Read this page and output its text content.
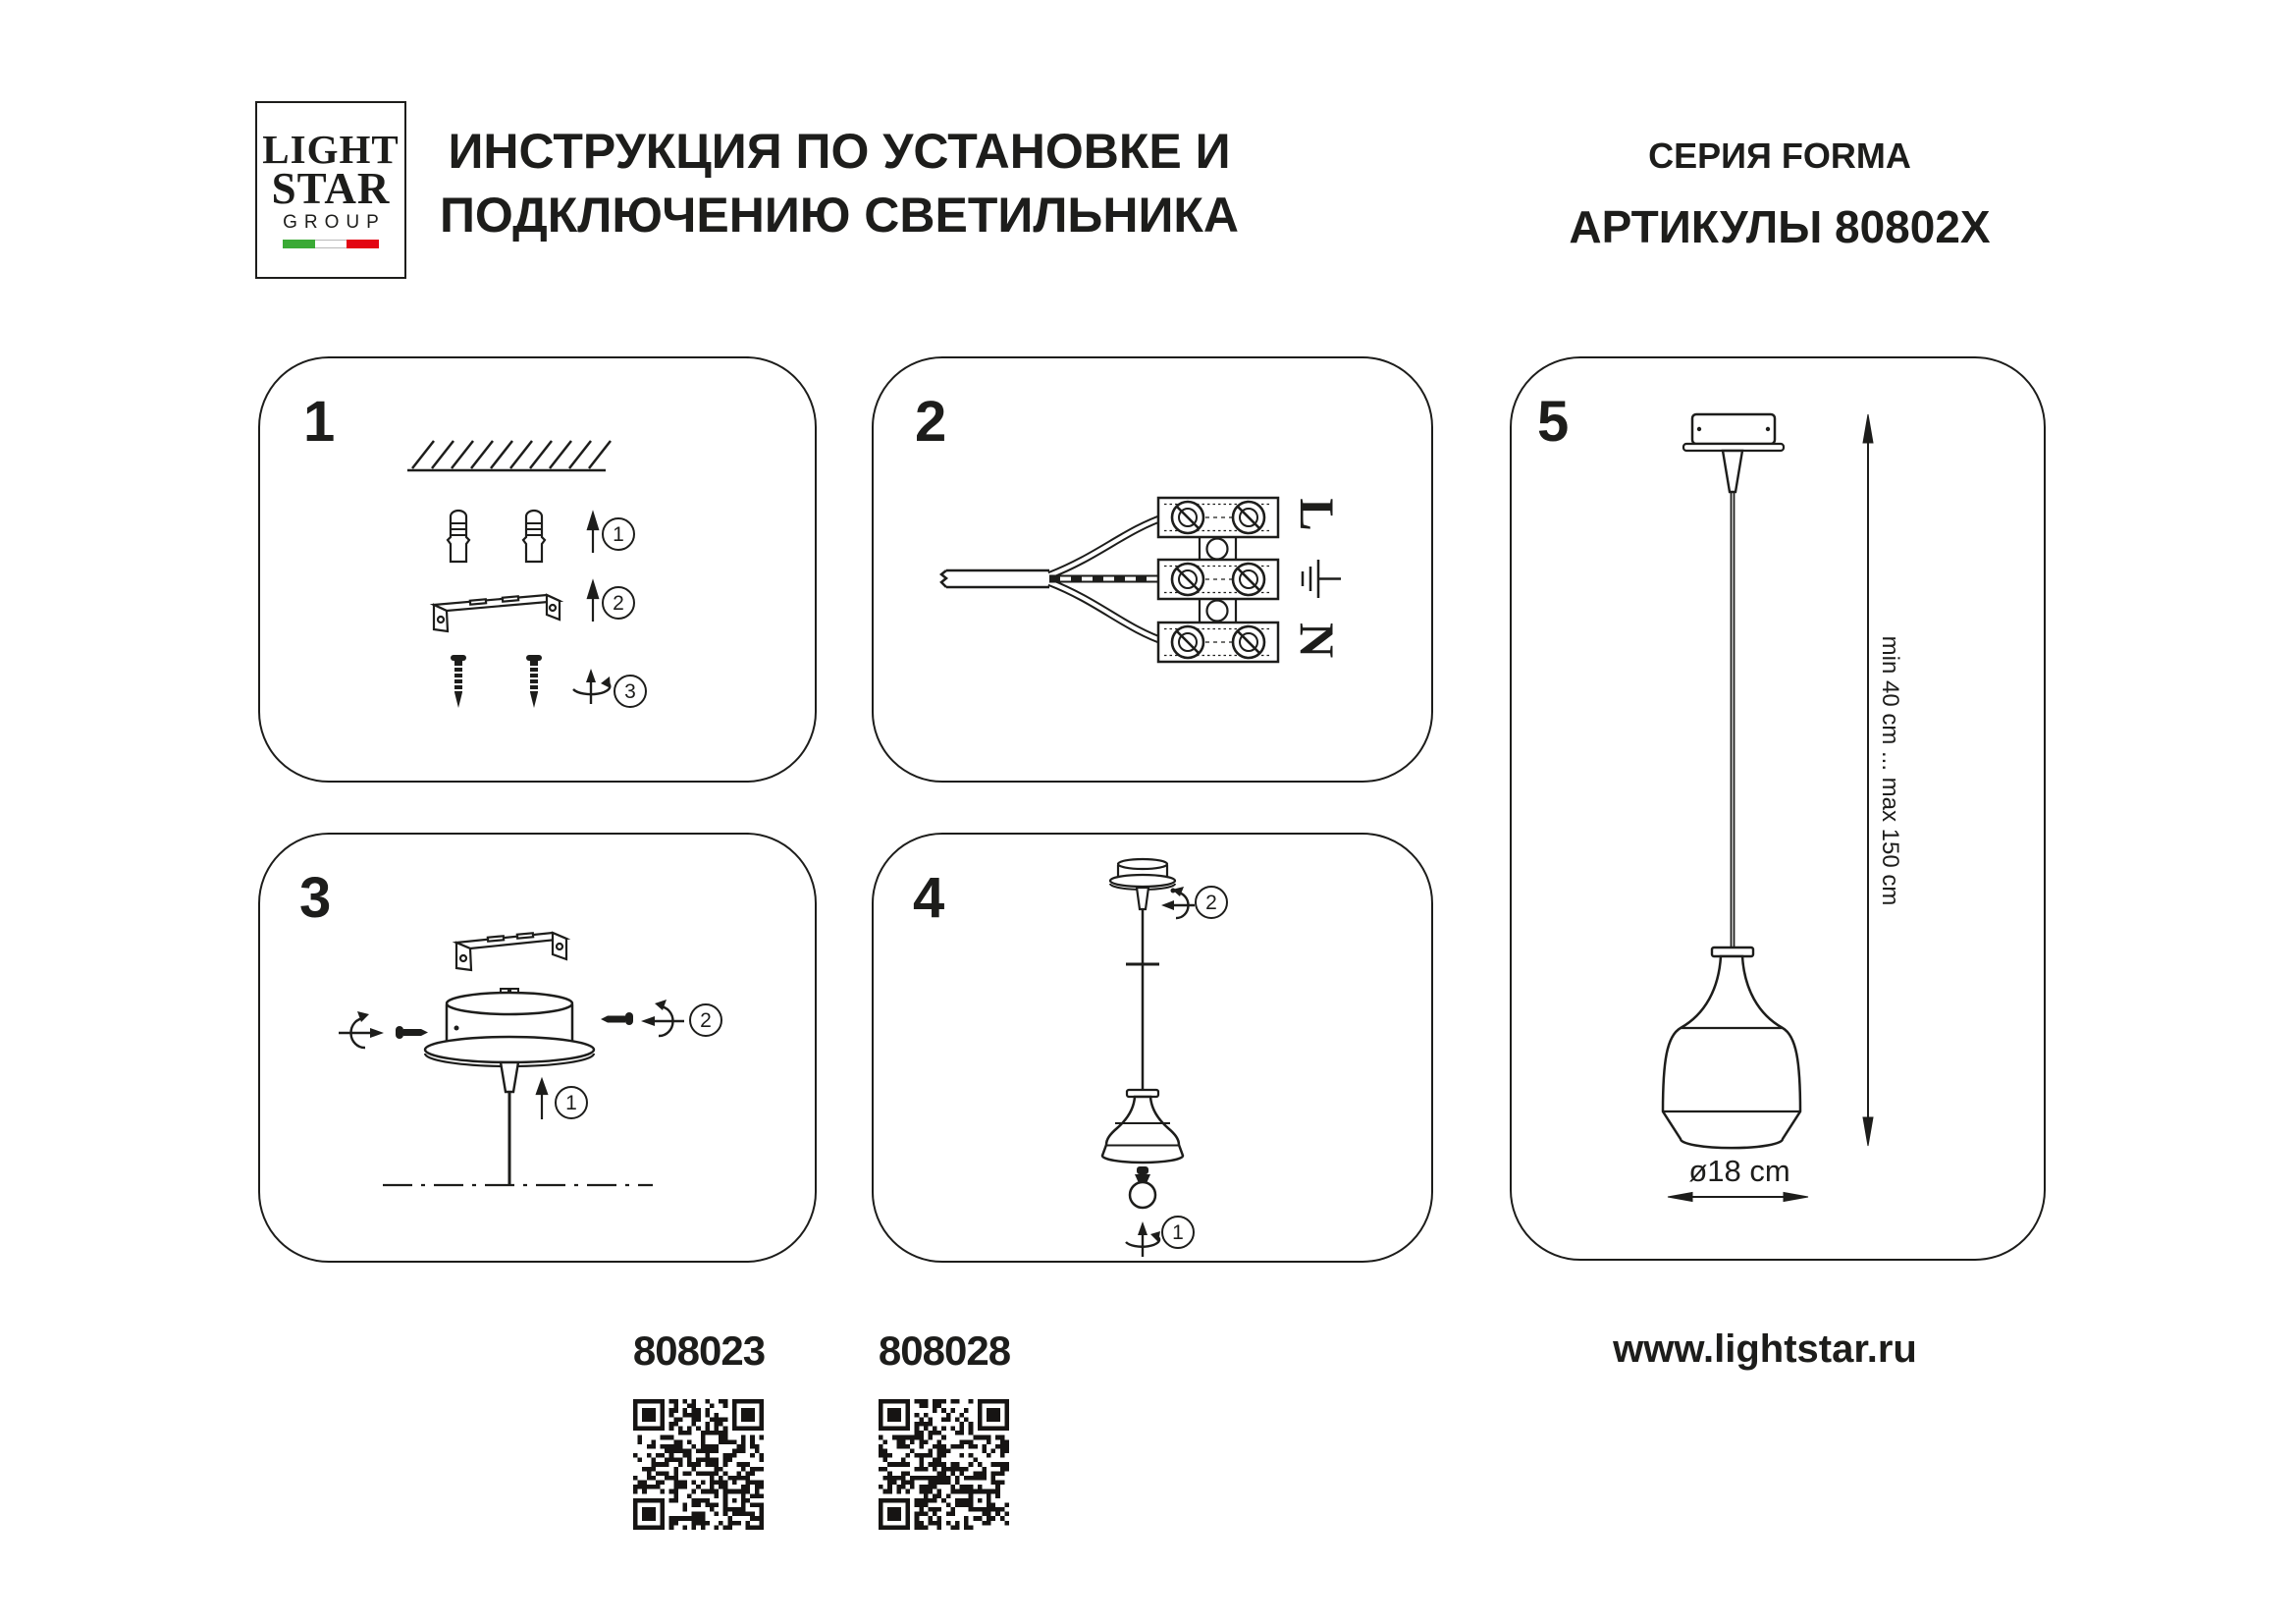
LIGHT
STAR
GROUP
ИНСТРУКЦИЯ ПО УСТАНОВКЕ И
ПОДКЛЮЧЕНИЮ СВЕТИЛЬНИКА
СЕРИЯ FORMA
АРТИКУЛЫ 80802X
1
1
2
3
2
L
N
3
1
2
4	2
1
5
min 40 cm ... max 150 cm
ø18 cm
808023	808028	www.lightstar.ru
